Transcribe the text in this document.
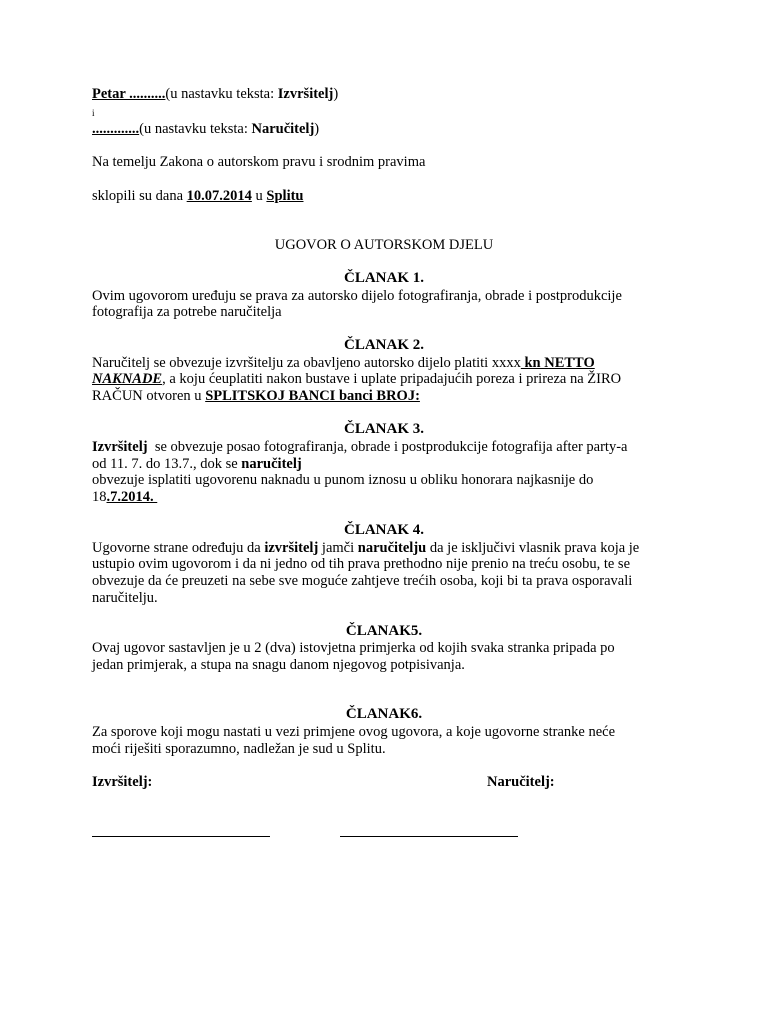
Petar ..........(u nastavku teksta: Izvršitelj)
i
.............(u nastavku teksta: Naručitelj)
Na temelju Zakona o autorskom pravu i srodnim pravima
sklopili su dana 10.07.2014 u Splitu
UGOVOR O AUTORSKOM DJELU
ČLANAK 1.
Ovim ugovorom uređuju se prava za autorsko dijelo fotografiranja, obrade i postprodukcije
fotografija za potrebe naručitelja
ČLANAK 2.
Naručitelj se obvezuje izvršitelju za obavljeno autorsko dijelo platiti xxxx kn NETTO
NAKNADE, a koju ćeuplatiti nakon bustave i uplate pripadajućih poreza i prireza na ŽIRO
RAČUN otvoren u SPLITSKOJ BANCI banci BROJ:
ČLANAK 3.
Izvršitelj  se obvezuje posao fotografiranja, obrade i postprodukcije fotografija after party-a
od 11. 7. do 13.7., dok se naručitelj
obvezuje isplatiti ugovorenu naknadu u punom iznosu u obliku honorara najkasnije do
18.7.2014.
ČLANAK 4.
Ugovorne strane određuju da izvršitelj jamči naručitelju da je isključivi vlasnik prava koja je
ustupio ovim ugovorom i da ni jedno od tih prava prethodno nije prenio na treću osobu, te se
obvezuje da će preuzeti na sebe sve moguće zahtjeve trećih osoba, koji bi ta prava osporavali
naručitelju.
ČLANAK5.
Ovaj ugovor sastavljen je u 2 (dva) istovjetna primjerka od kojih svaka stranka pripada po
jedan primjerak, a stupa na snagu danom njegovog potpisivanja.
ČLANAK6.
Za sporove koji mogu nastati u vezi primjene ovog ugovora, a koje ugovorne stranke neće
moći riješiti sporazumno, nadležan je sud u Splitu.
Izvršitelj:	Naručitelj:
